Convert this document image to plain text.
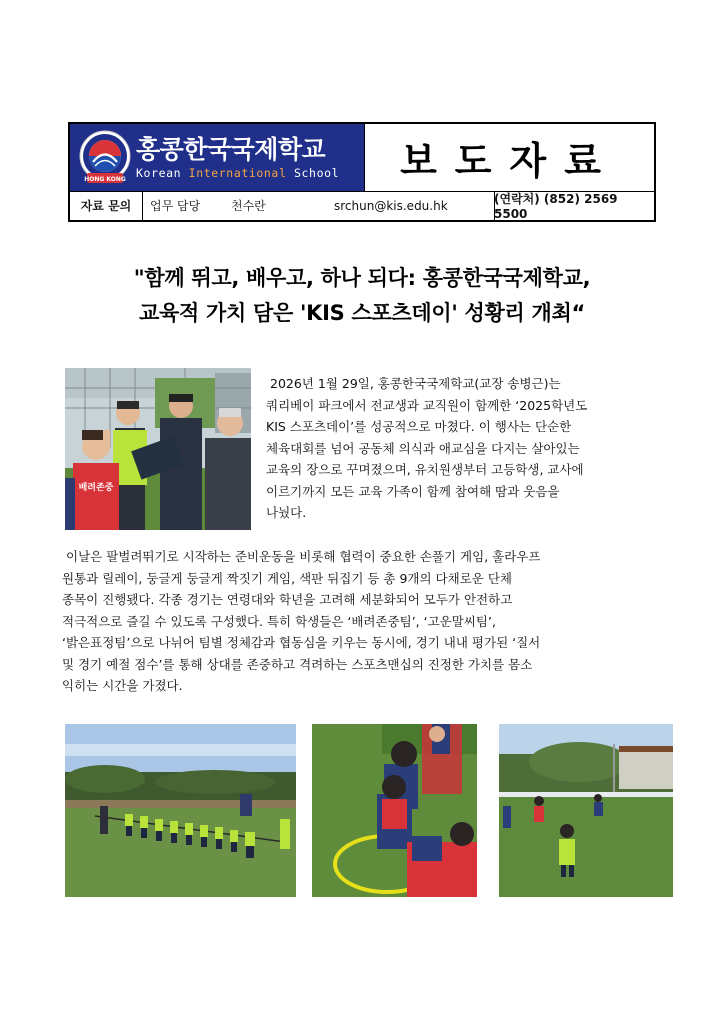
HONG KONG
홍콩한국국제학교
Korean International School 보도자료
자료 문의	업무 담당	천수란	srchun@kis.edu.hk	(연락처) (852) 2569 5500
"함께 뛰고, 배우고, 하나 되다: 홍콩한국국제학교,
교육적 가치 담은 'KIS 스포츠데이' 성황리 개최“
배려존중
2026년 1월 29일, 홍콩한국국제학교(교장 송병근)는
쿼리베이 파크에서 전교생과 교직원이 함께한 ‘2025학년도
KIS 스포츠데이’를 성공적으로 마쳤다. 이 행사는 단순한
체육대회를 넘어 공동체 의식과 애교심을 다지는 살아있는
교육의 장으로 꾸며졌으며, 유치원생부터 고등학생, 교사에
이르기까지 모든 교육 가족이 함께 참여해 땀과 웃음을
나눴다.
이날은 팔벌려뛰기로 시작하는 준비운동을 비롯해 협력이 중요한 손풀기 게임, 훌라우프
원통과 릴레이, 둥글게 둥글게 짝짓기 게임, 색판 뒤집기 등 총 9개의 다채로운 단체
종목이 진행됐다. 각종 경기는 연령대와 학년을 고려해 세분화되어 모두가 안전하고
적극적으로 즐길 수 있도록 구성했다. 특히 학생들은 ‘배려존중팀’, ‘고운말씨팀’,
‘밝은표정팀’으로 나뉘어 팀별 정체감과 협동심을 키우는 동시에, 경기 내내 평가된 ‘질서
및 경기 예절 점수’를 통해 상대를 존중하고 격려하는 스포츠맨십의 진정한 가치를 몸소
익히는 시간을 가졌다.
